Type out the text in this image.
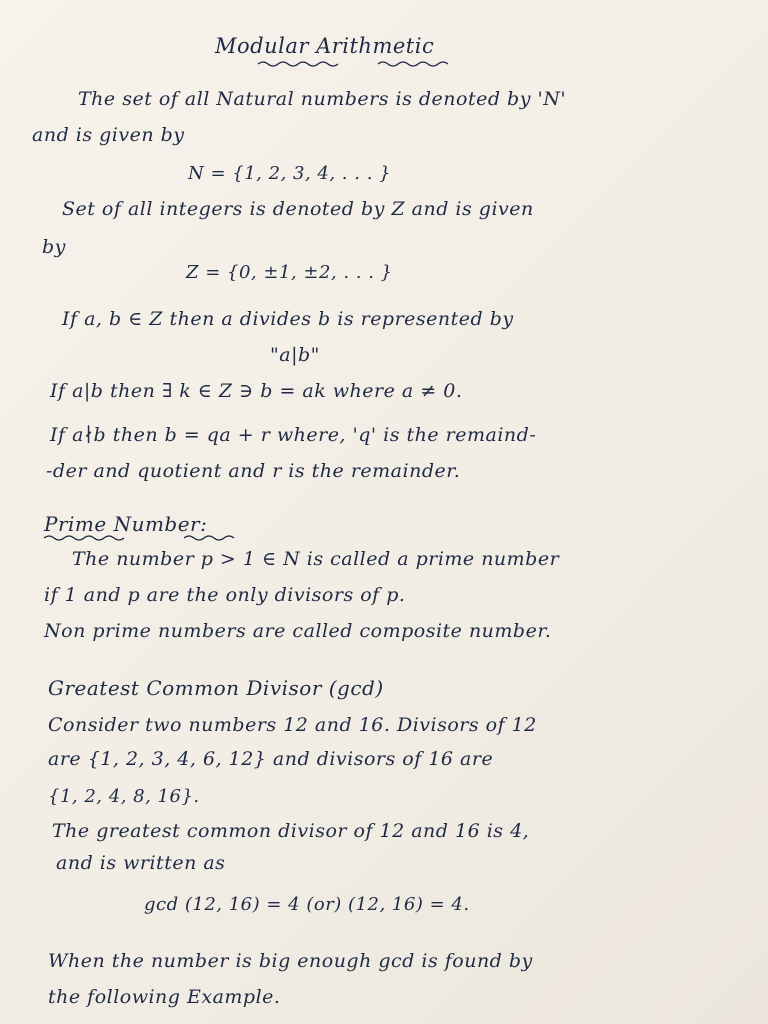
Modular Arithmetic
The set of all Natural numbers is denoted by 'N'
and is given by
N = {1, 2, 3, 4, . . . }
Set of all integers is denoted by Z and is given
by
Z = {0, ±1, ±2, . . . }
If a, b ∈ Z then a divides b is represented by
"a|b"
If a|b then ∃ k ∈ Z ∋ b = ak where a ≠ 0.
If a∤b then b = qa + r where, 'q' is the remaind-
-der and quotient and r is the remainder.
Prime Number:
The number p > 1 ∈ N is called a prime number
if 1 and p are the only divisors of p.
Non prime numbers are called composite number.
Greatest Common Divisor (gcd)
Consider two numbers 12 and 16. Divisors of 12
are {1, 2, 3, 4, 6, 12} and divisors of 16 are
{1, 2, 4, 8, 16}.
The greatest common divisor of 12 and 16 is 4,
and is written as
gcd (12, 16) = 4 (or) (12, 16) = 4.
When the number is big enough gcd is found by
the following Example.
